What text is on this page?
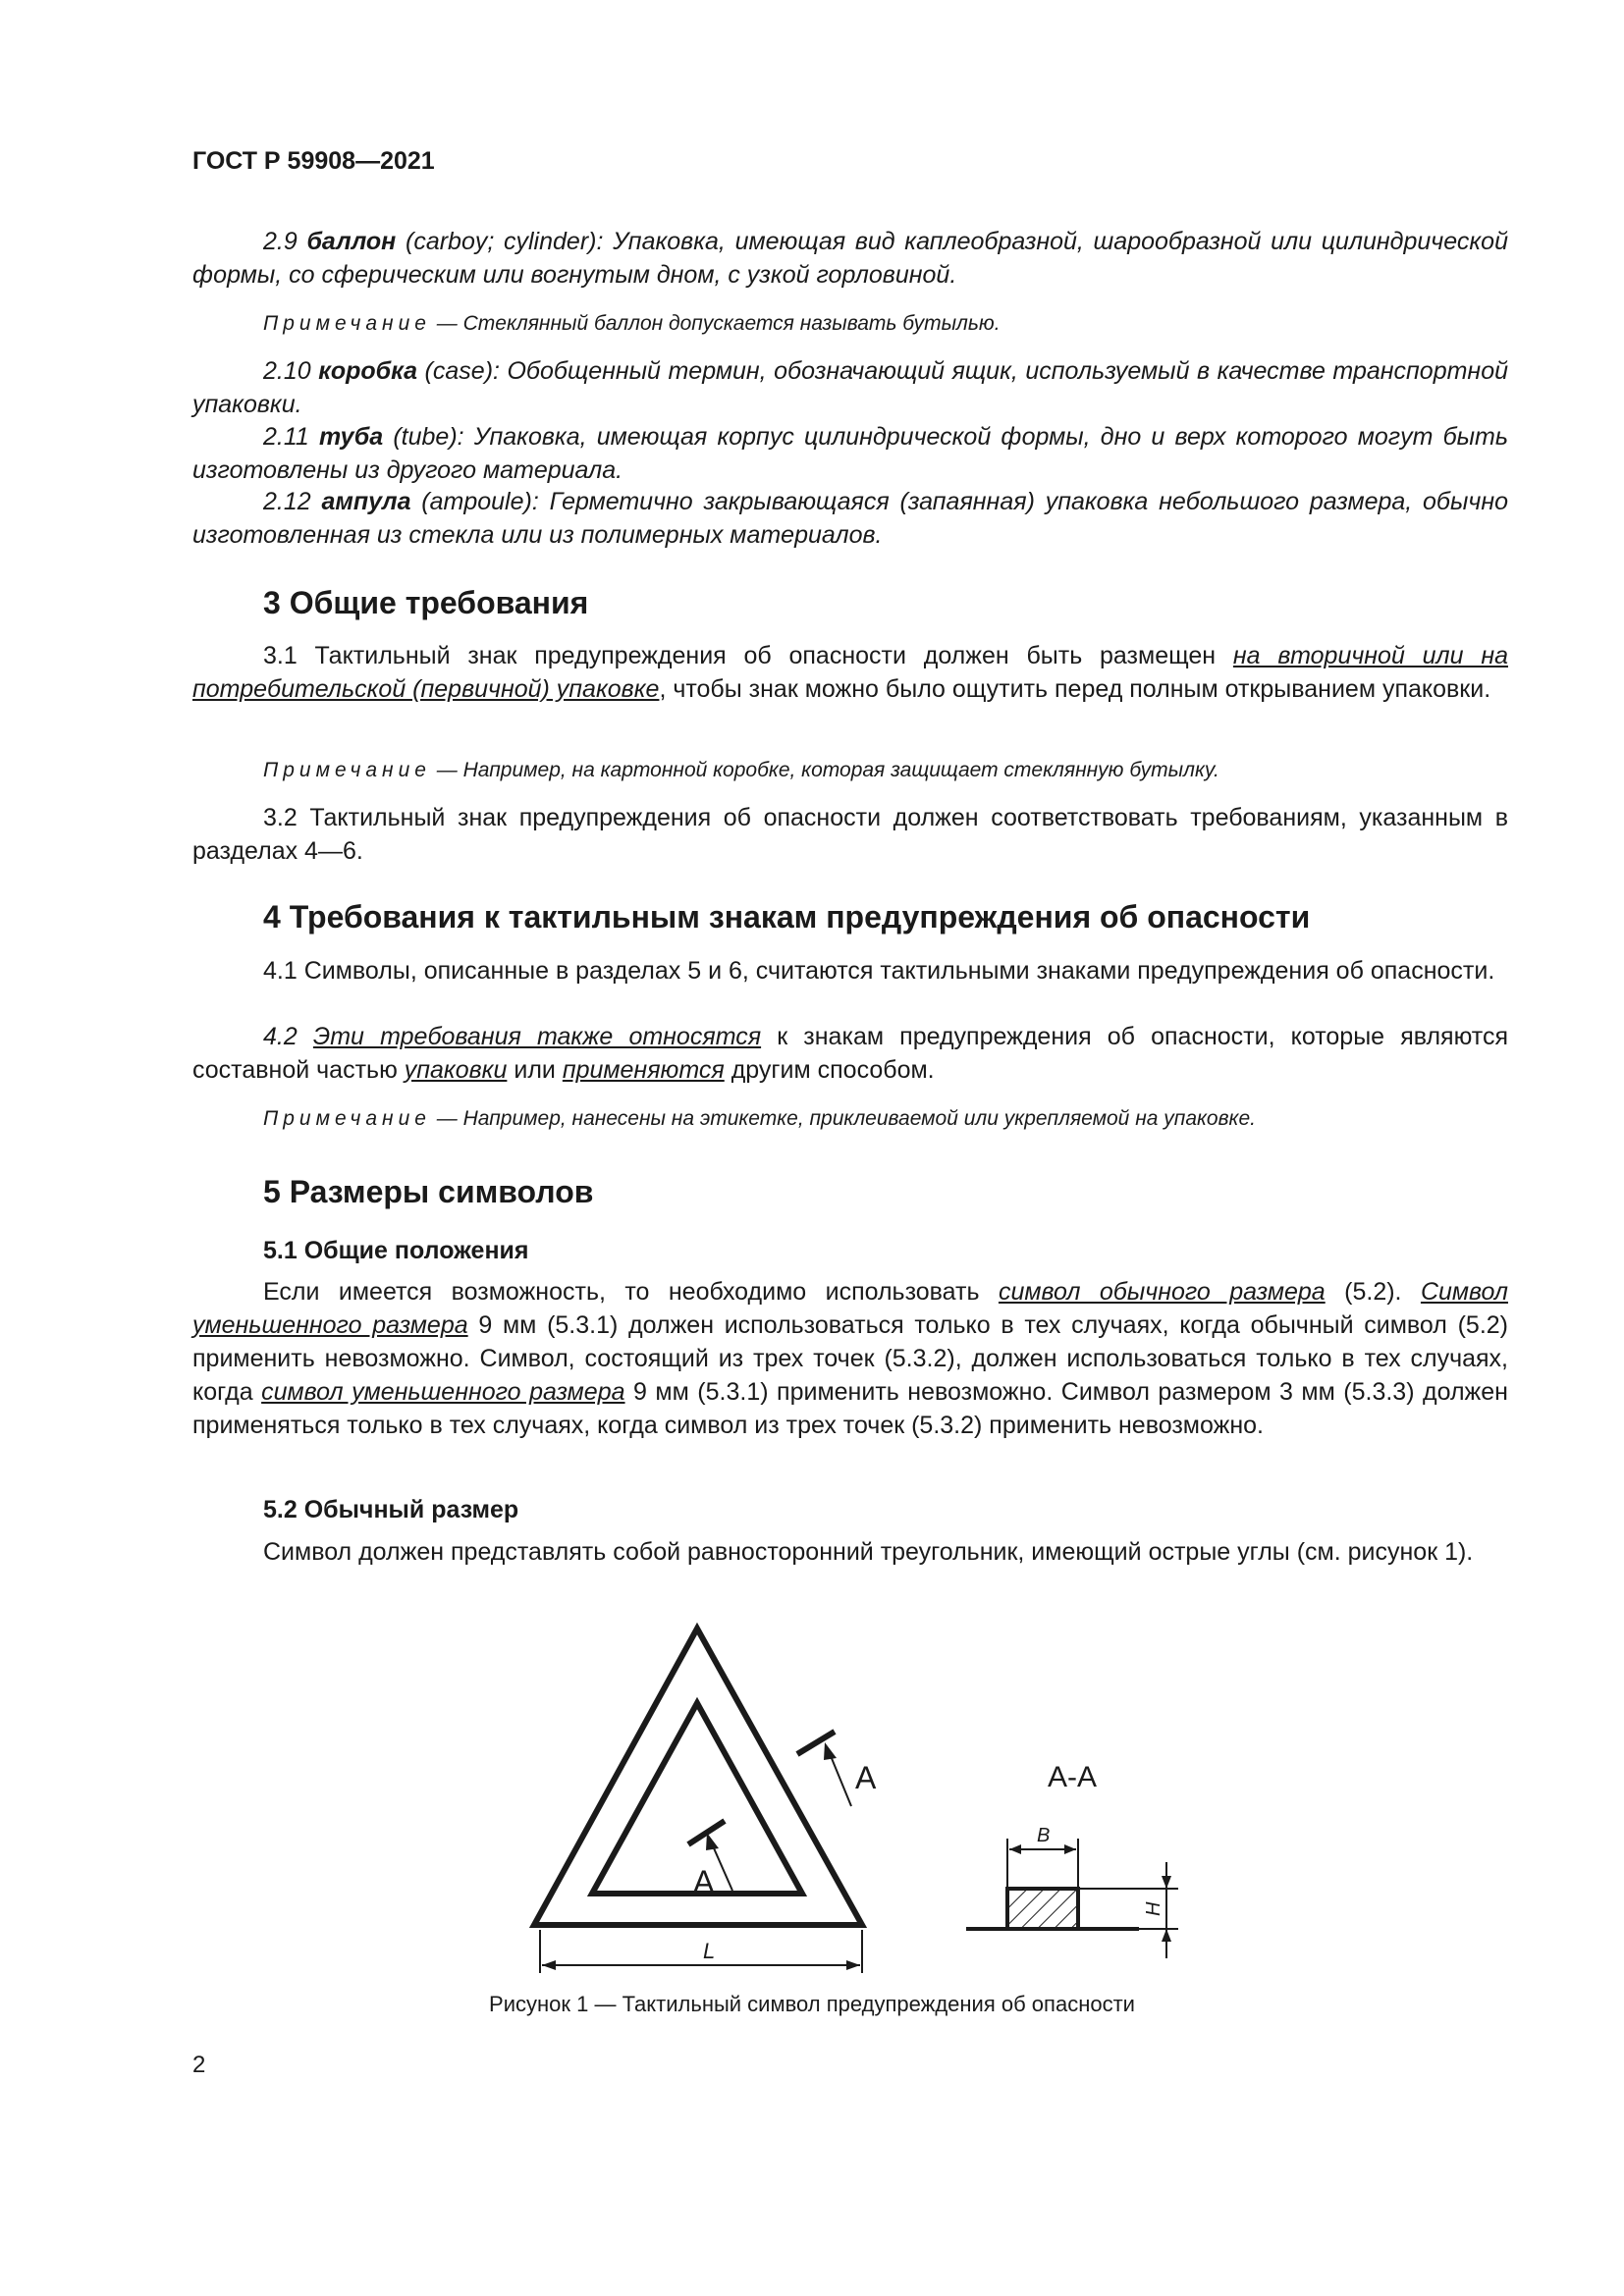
ГОСТ Р 59908—2021
2.9 баллон (carboy; cylinder): Упаковка, имеющая вид каплеобразной, шарообразной или цилиндрической формы, со сферическим или вогнутым дном, с узкой горловиной.
Примечание — Стеклянный баллон допускается называть бутылью.
2.10 коробка (case): Обобщенный термин, обозначающий ящик, используемый в качестве транспортной упаковки.
2.11 туба (tube): Упаковка, имеющая корпус цилиндрической формы, дно и верх которого могут быть изготовлены из другого материала.
2.12 ампула (ampoule): Герметично закрывающаяся (запаянная) упаковка небольшого размера, обычно изготовленная из стекла или из полимерных материалов.
3 Общие требования
3.1 Тактильный знак предупреждения об опасности должен быть размещен на вторичной или на потребительской (первичной) упаковке, чтобы знак можно было ощутить перед полным открыванием упаковки.
Примечание — Например, на картонной коробке, которая защищает стеклянную бутылку.
3.2 Тактильный знак предупреждения об опасности должен соответствовать требованиям, указанным в разделах 4—6.
4 Требования к тактильным знакам предупреждения об опасности
4.1 Символы, описанные в разделах 5 и 6, считаются тактильными знаками предупреждения об опасности.
4.2 Эти требования также относятся к знакам предупреждения об опасности, которые являются составной частью упаковки или применяются другим способом.
Примечание — Например, нанесены на этикетке, приклеиваемой или укрепляемой на упаковке.
5 Размеры символов
5.1 Общие положения
Если имеется возможность, то необходимо использовать символ обычного размера (5.2). Символ уменьшенного размера 9 мм (5.3.1) должен использоваться только в тех случаях, когда обычный символ (5.2) применить невозможно. Символ, состоящий из трех точек (5.3.2), должен использоваться только в тех случаях, когда символ уменьшенного размера 9 мм (5.3.1) применить невозможно. Символ размером 3 мм (5.3.3) должен применяться только в тех случаях, когда символ из трех точек (5.3.2) применить невозможно.
5.2 Обычный размер
Символ должен представлять собой равносторонний треугольник, имеющий острые углы (см. рисунок 1).
A
A
L
A-A
B
H
Рисунок 1 — Тактильный символ предупреждения об опасности
2
